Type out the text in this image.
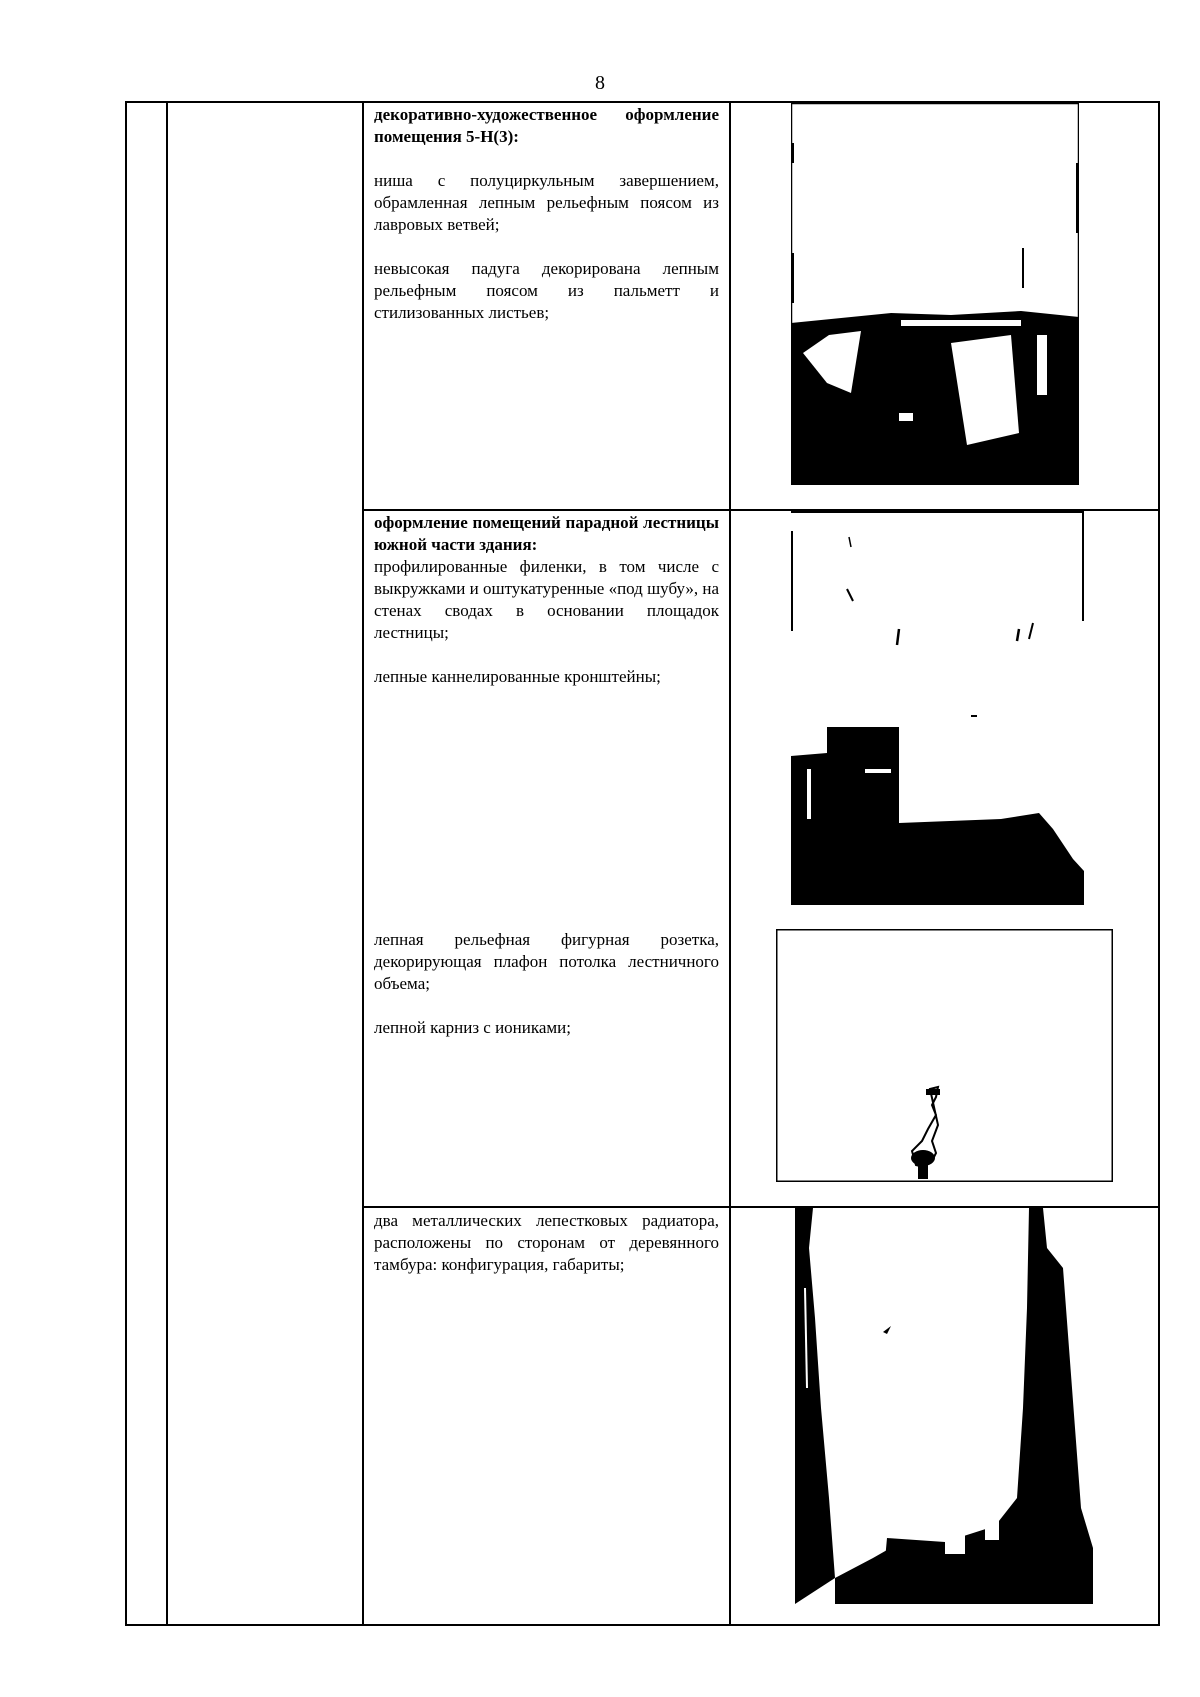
8

декоративно-художественное оформление помещения 5-Н(3):

ниша с полуциркульным завершением, обрамленная лепным рельефным поясом из лавровых ветвей;

невысокая падуга декорирована лепным рельефным поясом из пальметт и стилизованных листьев;

оформление помещений парадной лестницы южной части здания:

профилированные филенки, в том числе с выкружками и оштукатуренные «под шубу», на стенах сводах в основании площадок лестницы;

лепные каннелированные кронштейны;

лепная рельефная фигурная розетка, декорирующая плафон потолка лестничного объема;

лепной карниз с иониками;

два металлических лепестковых радиатора, расположены по сторонам от деревянного тамбура: конфигурация, габариты;
